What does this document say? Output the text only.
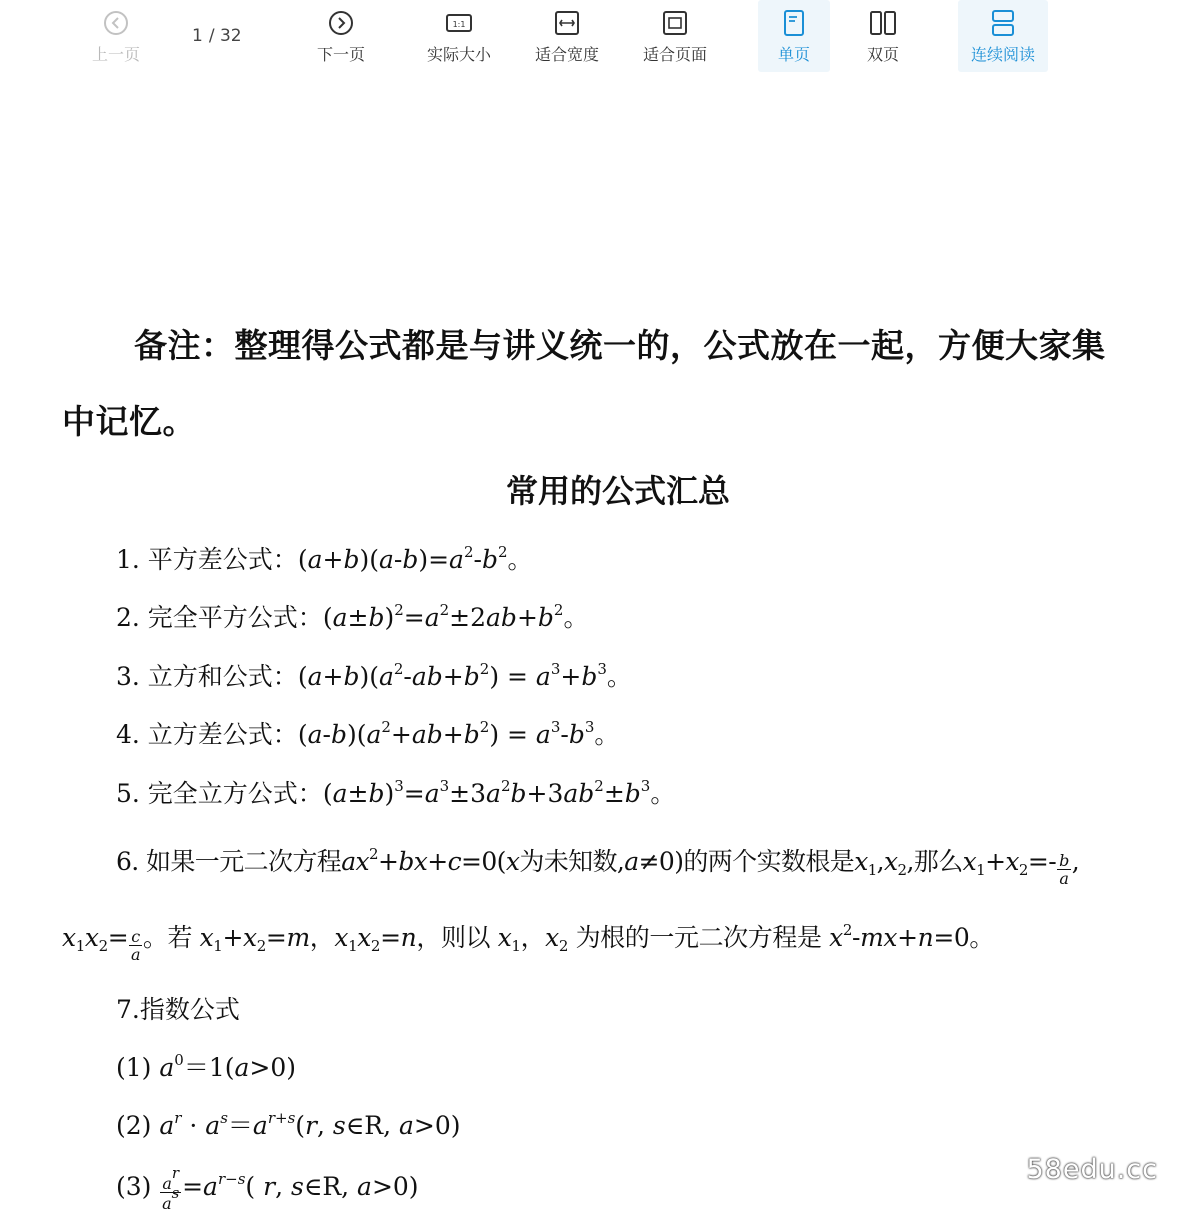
上一页
1 / 32
下一页
1:1
实际大小	适合宽度	适合页面	单页	双页	连续阅读
备注：整理得公式都是与讲义统一的，公式放在一起，方便大家集中记忆。
常用的公式汇总
1. 平方差公式：$(a+b)(a-b)=a^2-b^2$。
2. 完全平方公式：$(a\pm b)^2=a^2\pm 2ab+b^2$。
3. 立方和公式：$(a+b)(a^2-ab+b^2) = a^3+b^3$。
4. 立方差公式：$(a-b)(a^2+ab+b^2) = a^3-b^3$。
5. 完全立方公式：$(a\pm b)^3=a^3\pm 3a^2b+3ab^2\pm b^3$。
6. 如果一元二次方程$ax^2+bx+c=0(x$为未知数,a≠0)的两个实数根是$x_1,x_2$,那么$x_1+x_2=- \frac{b}{a}$ ,
$x_1x_2= \frac{c}{a}$ 。若 $x_1+x_2=m$，$x_1x_2=n$，则以 $x_1$，$x_2$ 为根的一元二次方程是 $x^2-mx+n=0$。
7.指数公式
(1) $a^0=1(a>0)$
(2) $a^r \cdot a^s=a^{r+s}(r$, s∈R, a>0)
$(3) \frac{a^r}{a^s} =a^{r-s}$( r, s∈R, a>0)
58edu.cc
